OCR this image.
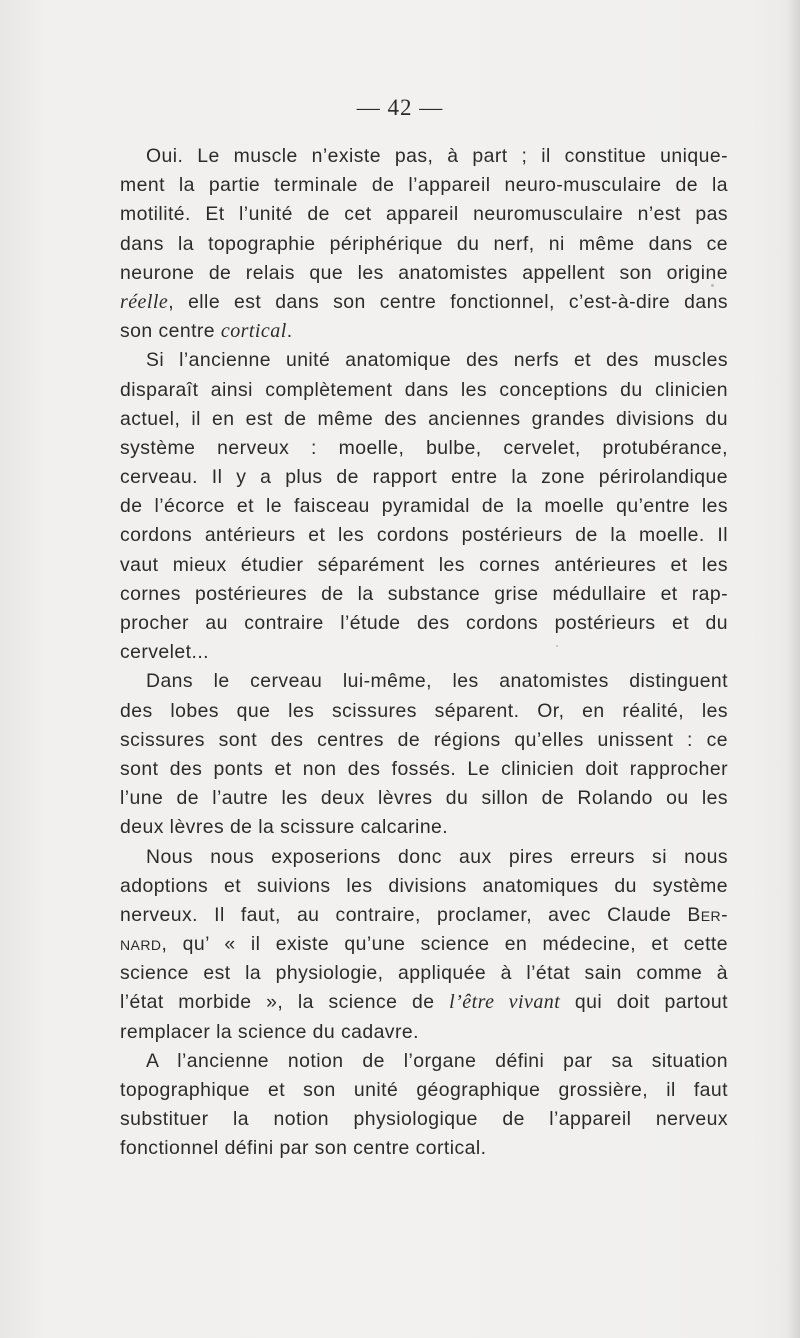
— 42 —
Oui. Le muscle n’existe pas, à part ; il constitue unique-
ment la partie terminale de l’appareil neuro-musculaire de la
motilité. Et l’unité de cet appareil neuromusculaire n’est pas
dans la topographie périphérique du nerf, ni même dans ce
neurone de relais que les anatomistes appellent son origine
réelle, elle est dans son centre fonctionnel, c’est-à-dire dans
son centre cortical.
Si l’ancienne unité anatomique des nerfs et des muscles
disparaît ainsi complètement dans les conceptions du clinicien
actuel, il en est de même des anciennes grandes divisions du
système nerveux : moelle, bulbe, cervelet, protubérance,
cerveau. Il y a plus de rapport entre la zone périrolandique
de l’écorce et le faisceau pyramidal de la moelle qu’entre les
cordons antérieurs et les cordons postérieurs de la moelle. Il
vaut mieux étudier séparément les cornes antérieures et les
cornes postérieures de la substance grise médullaire et rap-
procher au contraire l’étude des cordons postérieurs et du
cervelet...
Dans le cerveau lui-même, les anatomistes distinguent
des lobes que les scissures séparent. Or, en réalité, les
scissures sont des centres de régions qu’elles unissent : ce
sont des ponts et non des fossés. Le clinicien doit rapprocher
l’une de l’autre les deux lèvres du sillon de Rolando ou les
deux lèvres de la scissure calcarine.
Nous nous exposerions donc aux pires erreurs si nous
adoptions et suivions les divisions anatomiques du système
nerveux. Il faut, au contraire, proclamer, avec Claude Ber-
nard, qu’ « il existe qu’une science en médecine, et cette
science est la physiologie, appliquée à l’état sain comme à
l’état morbide », la science de l’être vivant qui doit partout
remplacer la science du cadavre.
A l’ancienne notion de l’organe défini par sa situation
topographique et son unité géographique grossière, il faut
substituer la notion physiologique de l’appareil nerveux
fonctionnel défini par son centre cortical.
